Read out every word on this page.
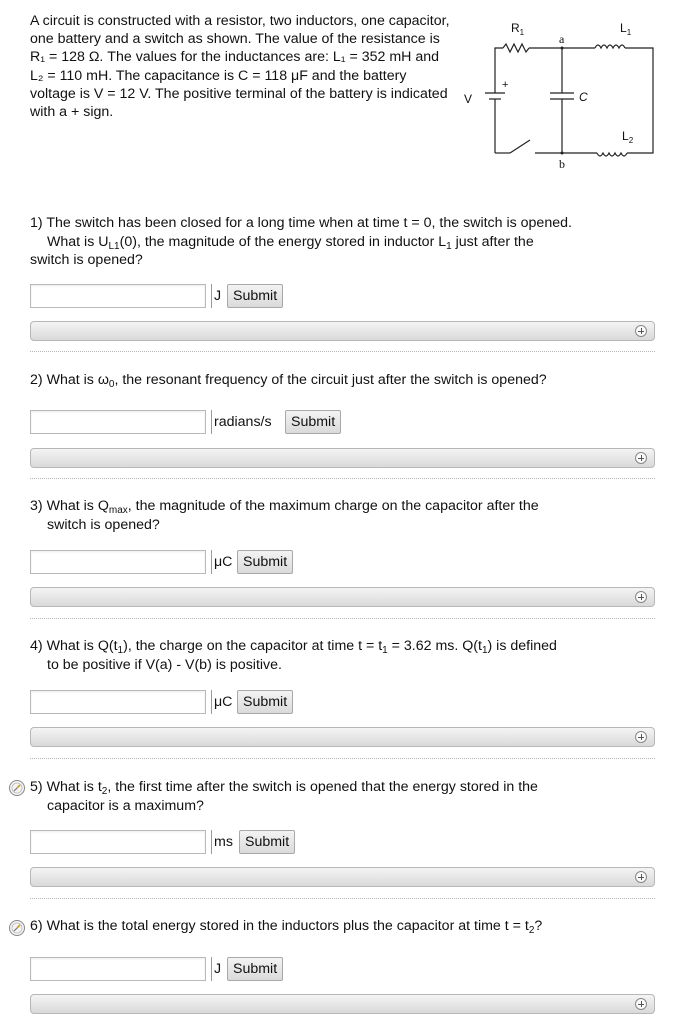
A circuit is constructed with a resistor, two inductors, one capacitor, one battery and a switch as shown. The value of the resistance is R₁ = 128 Ω. The values for the inductances are: L₁ = 352 mH and L₂ = 110 mH. The capacitance is C = 118 μF and the battery voltage is V = 12 V. The positive terminal of the battery is indicated with a + sign.
$R_1$	a
$L_1$
$L_2$
C
V
+
b
1) The switch has been closed for a long time when at time t = 0, the switch is opened.
What is $U_{L1}(0)$, the magnitude of the energy stored in inductor $L_1$ just after the
switch is opened?
J Submit
2) What is $\omega_0$, the resonant frequency of the circuit just after the switch is opened?
radians/s	Submit
3) What is $Q_{max}$, the magnitude of the maximum charge on the capacitor after the
switch is opened?
μC Submit
4) What is $Q(t_1)$, the charge on the capacitor at time $t = t_1 = 3.62$ ms. $Q(t_1)$ is defined
to be positive if V(a) - V(b) is positive.
μC Submit
5) What is $t_2$, the first time after the switch is opened that the energy stored in the
capacitor is a maximum?
ms Submit
6) What is the total energy stored in the inductors plus the capacitor at time $t = t_2$?
J Submit
